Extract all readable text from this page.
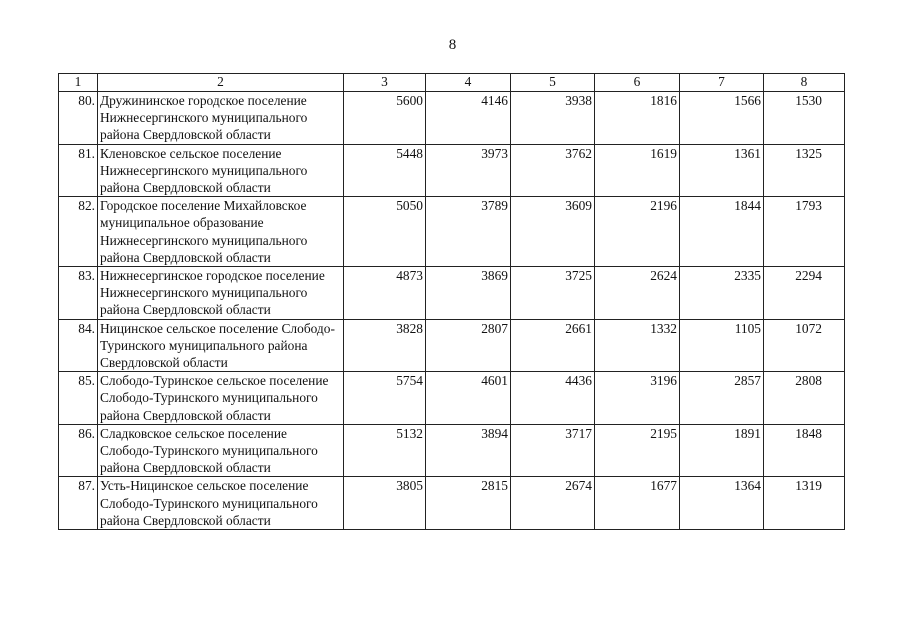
8
1	2	3	4	5	6	7	8
80.	Дружининское городское поселение Нижнесергинского муниципального района Свердловской области	5600	4146	3938	1816	1566	1530
81.	Кленовское сельское поселение Нижнесергинского муниципального района Свердловской области	5448	3973	3762	1619	1361	1325
82.	Городское поселение Михайловское муниципальное образование Нижнесергинского муниципального района Свердловской области	5050	3789	3609	2196	1844	1793
83.	Нижнесергинское городское поселение Нижнесергинского муниципального района Свердловской области	4873	3869	3725	2624	2335	2294
84.	Ницинское сельское поселение Слободо-Туринского муниципального района Свердловской области	3828	2807	2661	1332	1105	1072
85.	Слободо-Туринское сельское поселение Слободо-Туринского муниципального района Свердловской области	5754	4601	4436	3196	2857	2808
86.	Сладковское сельское поселение Слободо-Туринского муниципального района Свердловской области	5132	3894	3717	2195	1891	1848
87.	Усть-Ницинское сельское поселение Слободо-Туринского муниципального района Свердловской области	3805	2815	2674	1677	1364	1319
